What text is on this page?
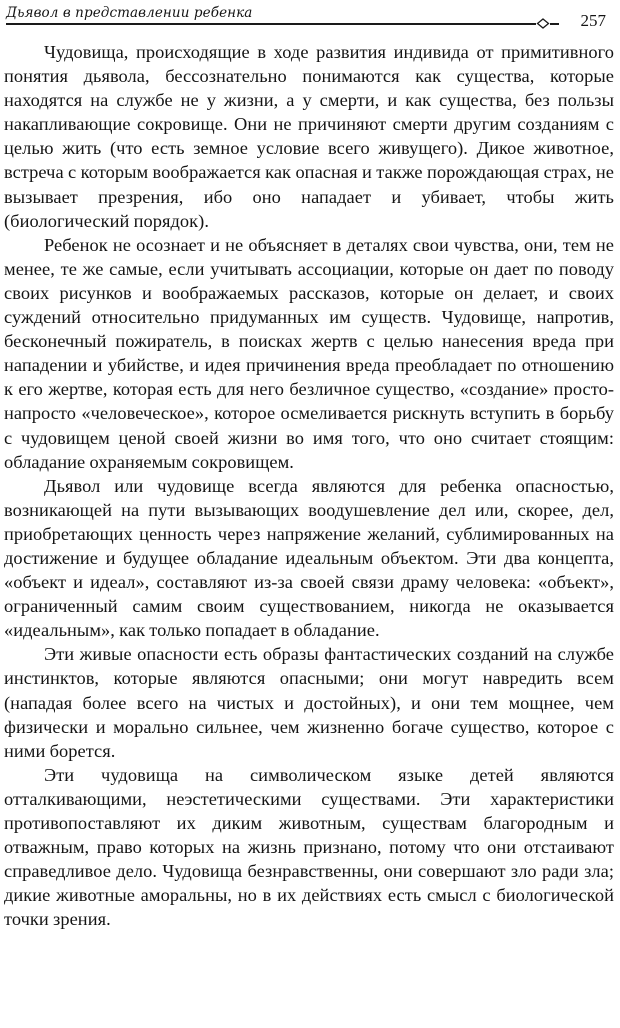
Дьявол в представлении ребенка	257

Чудовища, происходящие в ходе развития индивида от примитивного понятия дьявола, бессознательно понимаются как существа, которые находятся на службе не у жизни, а у смерти, и как существа, без пользы накапливающие сокровище. Они не причиняют смерти другим созданиям с целью жить (что есть земное условие всего живущего). Дикое животное, встреча с которым воображается как опасная и также порождающая страх, не вызывает презрения, ибо оно нападает и убивает, чтобы жить (биологический порядок).

Ребенок не осознает и не объясняет в деталях свои чувства, они, тем не менее, те же самые, если учитывать ассоциации, которые он дает по поводу своих рисунков и воображаемых рассказов, которые он делает, и своих суждений относительно придуманных им существ. Чудовище, напротив, бесконечный пожиратель, в поисках жертв с целью нанесения вреда при нападении и убийстве, и идея причинения вреда преобладает по отношению к его жертве, которая есть для него безличное существо, «создание» просто-напросто «человеческое», которое осмеливается рискнуть вступить в борьбу с чудовищем ценой своей жизни во имя того, что оно считает стоящим: обладание охраняемым сокровищем.

Дьявол или чудовище всегда являются для ребенка опасностью, возникающей на пути вызывающих воодушевление дел или, скорее, дел, приобретающих ценность через напряжение желаний, сублимированных на достижение и будущее обладание идеальным объектом. Эти два концепта, «объект и идеал», составляют из-за своей связи драму человека: «объект», ограниченный самим своим существованием, никогда не оказывается «идеальным», как только попадает в обладание.

Эти живые опасности есть образы фантастических созданий на службе инстинктов, которые являются опасными; они могут навредить всем (нападая более всего на чистых и достойных), и они тем мощнее, чем физически и морально сильнее, чем жизненно богаче существо, которое с ними борется.

Эти чудовища на символическом языке детей являются отталкивающими, неэстетическими существами. Эти характеристики противопоставляют их диким животным, существам благородным и отважным, право которых на жизнь признано, потому что они отстаивают справедливое дело. Чудовища безнравственны, они совершают зло ради зла; дикие животные аморальны, но в их действиях есть смысл с биологической точки зрения.
